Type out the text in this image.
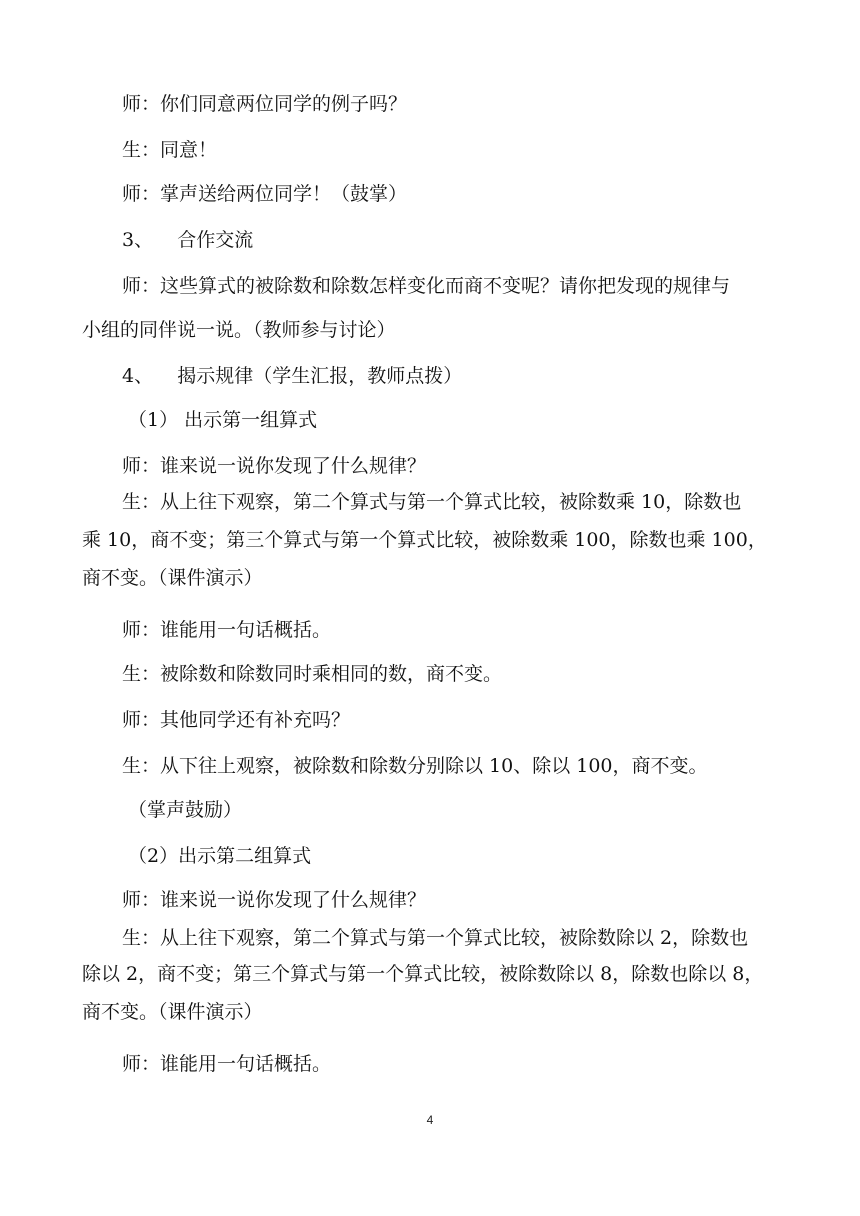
师：你们同意两位同学的例子吗？
生：同意！
师：掌声送给两位同学！（鼓掌）
3、    合作交流
师：这些算式的被除数和除数怎样变化而商不变呢？请你把发现的规律与
小组的同伴说一说。（教师参与讨论）
4、    揭示规律（学生汇报，教师点拨）
（1） 出示第一组算式
师：谁来说一说你发现了什么规律？
生：从上往下观察，第二个算式与第一个算式比较，被除数乘 10，除数也
乘 10，商不变；第三个算式与第一个算式比较，被除数乘 100，除数也乘 100，
商不变。（课件演示）
师：谁能用一句话概括。
生：被除数和除数同时乘相同的数，商不变。
师：其他同学还有补充吗？
生：从下往上观察，被除数和除数分别除以 10、除以 100，商不变。
（掌声鼓励）
（2）出示第二组算式
师：谁来说一说你发现了什么规律？
生：从上往下观察，第二个算式与第一个算式比较，被除数除以 2，除数也
除以 2，商不变；第三个算式与第一个算式比较，被除数除以 8，除数也除以 8，
商不变。（课件演示）
师：谁能用一句话概括。
4
